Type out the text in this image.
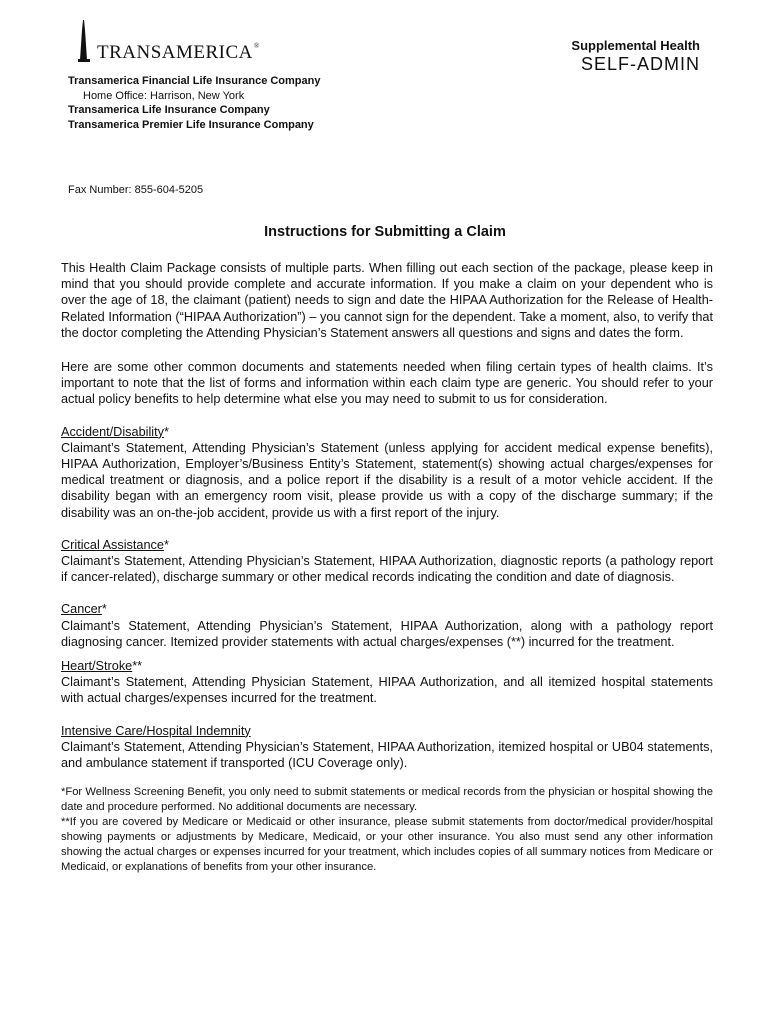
TRANSAMERICA®
Transamerica Financial Life Insurance Company
Home Office: Harrison, New York
Transamerica Life Insurance Company
Transamerica Premier Life Insurance Company
Supplemental Health
SELF-ADMIN
Fax Number: 855-604-5205
Instructions for Submitting a Claim

This Health Claim Package consists of multiple parts. When filling out each section of the package, please keep in mind that you should provide complete and accurate information. If you make a claim on your dependent who is over the age of 18, the claimant (patient) needs to sign and date the HIPAA Authorization for the Release of Health-Related Information (“HIPAA Authorization”) – you cannot sign for the dependent. Take a moment, also, to verify that the doctor completing the Attending Physician’s Statement answers all questions and signs and dates the form.

Here are some other common documents and statements needed when filing certain types of health claims. It’s important to note that the list of forms and information within each claim type are generic. You should refer to your actual policy benefits to help determine what else you may need to submit to us for consideration.

Accident/Disability*

Claimant’s Statement, Attending Physician’s Statement (unless applying for accident medical expense benefits), HIPAA Authorization, Employer’s/Business Entity’s Statement, statement(s) showing actual charges/expenses for medical treatment or diagnosis, and a police report if the disability is a result of a motor vehicle accident. If the disability began with an emergency room visit, please provide us with a copy of the discharge summary; if the disability was an on-the-job accident, provide us with a first report of the injury.

Critical Assistance*

Claimant’s Statement, Attending Physician’s Statement, HIPAA Authorization, diagnostic reports (a pathology report if cancer-related), discharge summary or other medical records indicating the condition and date of diagnosis.

Cancer*

Claimant’s Statement, Attending Physician’s Statement, HIPAA Authorization, along with a pathology report diagnosing cancer. Itemized provider statements with actual charges/expenses (**) incurred for the treatment.

Heart/Stroke**

Claimant’s Statement, Attending Physician Statement, HIPAA Authorization, and all itemized hospital statements with actual charges/expenses incurred for the treatment.

Intensive Care/Hospital Indemnity

Claimant’s Statement, Attending Physician’s Statement, HIPAA Authorization, itemized hospital or UB04 statements, and ambulance statement if transported (ICU Coverage only).

*For Wellness Screening Benefit, you only need to submit statements or medical records from the physician or hospital showing the date and procedure performed. No additional documents are necessary.

**If you are covered by Medicare or Medicaid or other insurance, please submit statements from doctor/medical provider/hospital showing payments or adjustments by Medicare, Medicaid, or your other insurance. You also must send any other information showing the actual charges or expenses incurred for your treatment, which includes copies of all summary notices from Medicare or Medicaid, or explanations of benefits from your other insurance.
